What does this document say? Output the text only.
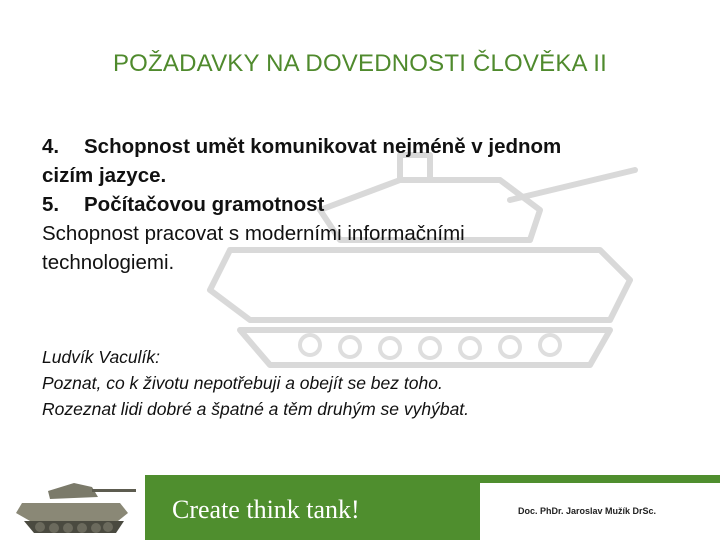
POŽADAVKY NA DOVEDNOSTI ČLOVĚKA II
4.	Schopnost umět komunikovat nejméně v jednom
cizím jazyce.
5.	Počítačovou gramotnost
Schopnost pracovat s moderními informačními
technologiemi.
Ludvík Vaculík:
Poznat, co k životu nepotřebuji a obejít se bez toho.
Rozeznat lidi dobré a špatné a těm druhým se vyhýbat.
Create think tank!	Doc. PhDr. Jaroslav Mužík DrSc.
